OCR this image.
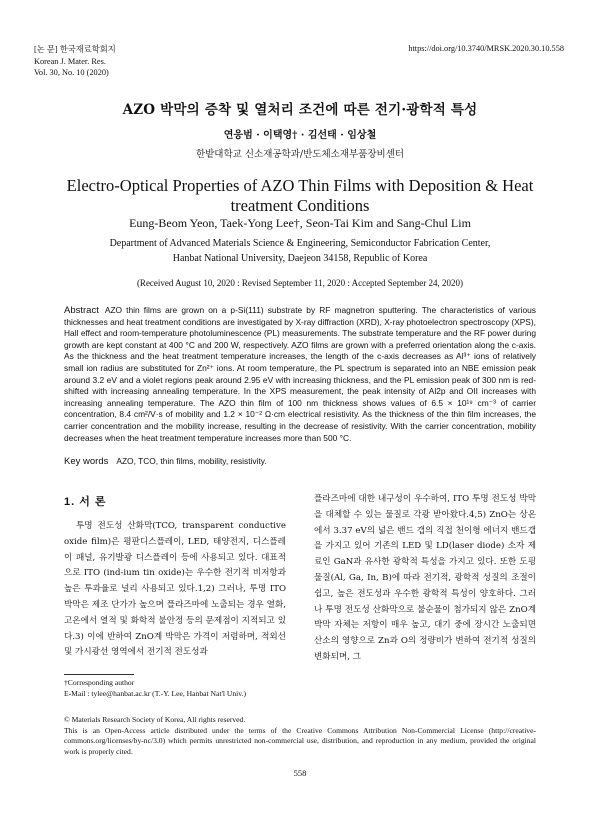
[논 문] 한국재료학회지
Korean J. Mater. Res.
Vol. 30, No. 10 (2020)
https://doi.org/10.3740/MRSK.2020.30.10.558
AZO 박막의 증착 및 열처리 조건에 따른 전기·광학적 특성
연응범 · 이택영† · 김선태 · 임상철
한밭대학교 신소재공학과/반도체소재부품장비센터
Electro-Optical Properties of AZO Thin Films with Deposition & Heat treatment Conditions
Eung-Beom Yeon, Taek-Yong Lee†, Seon-Tai Kim and Sang-Chul Lim
Department of Advanced Materials Science & Engineering, Semiconductor Fabrication Center,
Hanbat National University, Daejeon 34158, Republic of Korea
(Received August 10, 2020 : Revised September 11, 2020 : Accepted September 24, 2020)
Abstract AZO thin films are grown on a p-Si(111) substrate by RF magnetron sputtering. The characteristics of various thicknesses and heat treatment conditions are investigated by X-ray diffraction (XRD), X-ray photoelectron spectroscopy (XPS), Hall effect and room-temperature photoluminescence (PL) measurements. The substrate temperature and the RF power during growth are kept constant at 400 °C and 200 W, respectively. AZO films are grown with a preferred orientation along the c-axis. As the thickness and the heat treatment temperature increases, the length of the c-axis decreases as Al³⁺ ions of relatively small ion radius are substituted for Zn²⁺ ions. At room temperature, the PL spectrum is separated into an NBE emission peak around 3.2 eV and a violet regions peak around 2.95 eV with increasing thickness, and the PL emission peak of 300 nm is red-shifted with increasing annealing temperature. In the XPS measurement, the peak intensity of Al2p and OII increases with increasing annealing temperature. The AZO thin film of 100 nm thickness shows values of 6.5 × 10¹⁹ cm⁻³ of carrier concentration, 8.4 cm²/V·s of mobility and 1.2 × 10⁻² Ω·cm electrical resistivity. As the thickness of the thin film increases, the carrier concentration and the mobility increase, resulting in the decrease of resistivity. With the carrier concentration, mobility decreases when the heat treatment temperature increases more than 500 °C.
Key words AZO, TCO, thin films, mobility, resistivity.
1. 서 론
투명 전도성 산화막(TCO, transparent conductive oxide film)은 평판디스플레이, LED, 태양전지, 디스플레이 패널, 유기발광 디스플레이 등에 사용되고 있다. 대표적으로 ITO (ind-ium tin oxide)는 우수한 전기적 비저항과 높은 투과율로 널리 사용되고 있다.1,2) 그러나, 투명 ITO 박막은 제조 단가가 높으며 플라즈마에 노출되는 경우 열화, 고온에서 열적 및 화학적 불안정 등의 문제점이 지적되고 있다.3) 이에 반하여 ZnO계 박막은 가격이 저렴하며, 적외선 및 가시광선 영역에서 전기적 전도성과
플라즈마에 대한 내구성이 우수하여, ITO 투명 전도성 박막을 대체할 수 있는 물질로 각광 받아왔다.4,5) ZnO는 상온에서 3.37 eV의 넓은 밴드 갭의 직접 천이형 에너지 밴드갭을 가지고 있어 기존의 LED 및 LD(laser diode) 소자 제료인 GaN과 유사한 광학적 특성을 가지고 있다. 또한 도핑물질(Al, Ga, In, B)에 따라 전기적, 광학적 성질의 조절이 쉽고, 높은 전도성과 우수한 광학적 특성이 양호하다. 그러나 투명 전도성 산화막으로 불순물이 첨가되지 않은 ZnO계 박막 자체는 저항이 매우 높고, 대기 중에 장시간 노출되면 산소의 영향으로 Zn과 O의 정량비가 변하여 전기적 성질의 변화되며, 그
†Corresponding author
E-Mail : tylee@hanbat.ac.kr (T.-Y. Lee, Hanbat Nat'l Univ.)
© Materials Research Society of Korea, All rights reserved.
This is an Open-Access article distributed under the terms of the Creative Commons Attribution Non-Commercial License (http://creative-commons.org/licenses/by-nc/3.0) which permits unrestricted non-commercial use, distribution, and reproduction in any medium, provided the original work is properly cited.
558
